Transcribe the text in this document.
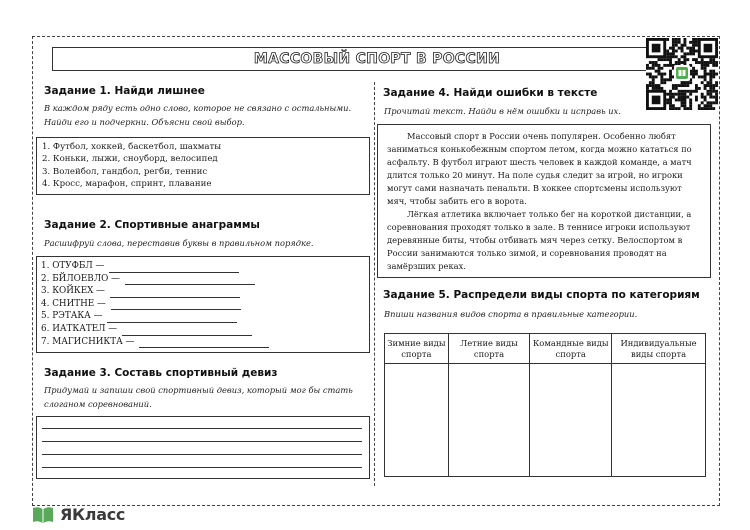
МАССОВЫЙ СПОРТ В РОССИИ
Задание 1. Найди лишнее
В каждом ряду есть одно слово, которое не связано с остальными. Найди его и подчеркни. Объясни свой выбор.
1. Футбол, хоккей, баскетбол, шахматы
2. Коньки, лыжи, сноуборд, велосипед
3. Волейбол, гандбол, регби, теннис
4. Кросс, марафон, спринт, плавание
Задание 2. Спортивные анаграммы
Расшифруй слова, переставив буквы в правильном порядке.
1. ОТУФБЛ —
2. БЙЛОЕВЛО —
3. КОЙКЕХ —
4. СНИТНЕ —
5. РЭТАКА —
6. ИАТКАТЕЛ —
7. МАГИСНИКТА —
Задание 3. Составь спортивный девиз
Придумай и запиши свой спортивный девиз, который мог бы стать слоганом соревнований.
Задание 4. Найди ошибки в тексте
Прочитай текст. Найди в нём ошибки и исправь их.

Массовый спорт в России очень популярен. Особенно любят заниматься конькобежным спортом летом, когда можно кататься по асфальту. В футбол играют шесть человек в каждой команде, а матч длится только 20 минут. На поле судья следит за игрой, но игроки могут сами назначать пенальти. В хоккее спортсмены используют мяч, чтобы забить его в ворота.

Лёгкая атлетика включает только бег на короткой дистанции, а соревнования проходят только в зале. В теннисе игроки используют деревянные биты, чтобы отбивать мяч через сетку. Велоспортом в России занимаются только зимой, и соревнования проводят на замёрзших реках.

Задание 5. Распредели виды спорта по категориям
Впиши названия видов спорта в правильные категории.
Зимние виды спорта	Летние виды спорта	Командные виды спорта	Индивидуальные виды спорта

ЯКласс
